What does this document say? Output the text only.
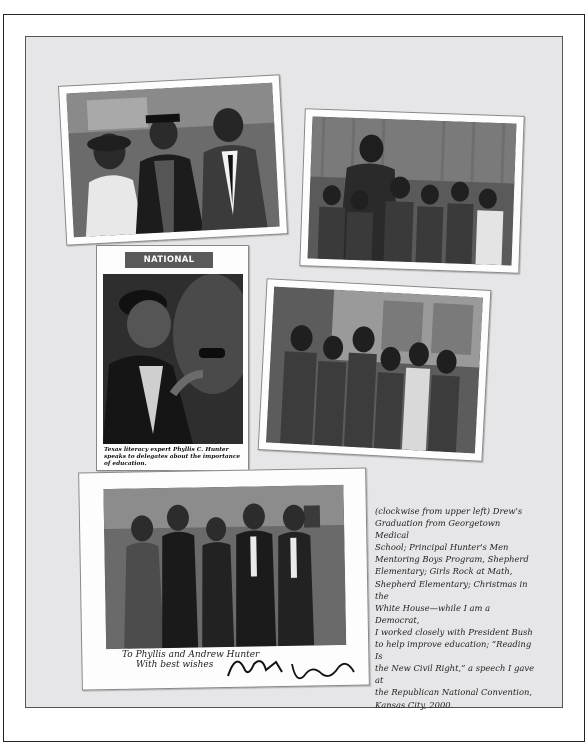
NATIONAL
Texas literacy expert Phyllis C. Hunter speaks to delegates about the importance of education.
To Phyllis and Andrew Hunter
With best wishes
(clockwise from upper left) Drew's
Graduation from Georgetown Medical
School; Principal Hunter's Men
Mentoring Boys Program, Shepherd
Elementary; Girls Rock at Math,
Shepherd Elementary; Christmas in the
White House—while I am a Democrat,
I worked closely with President Bush
to help improve education; “Reading Is
the New Civil Right,” a speech I gave at
the Republican National Convention,
Kansas City, 2000.
